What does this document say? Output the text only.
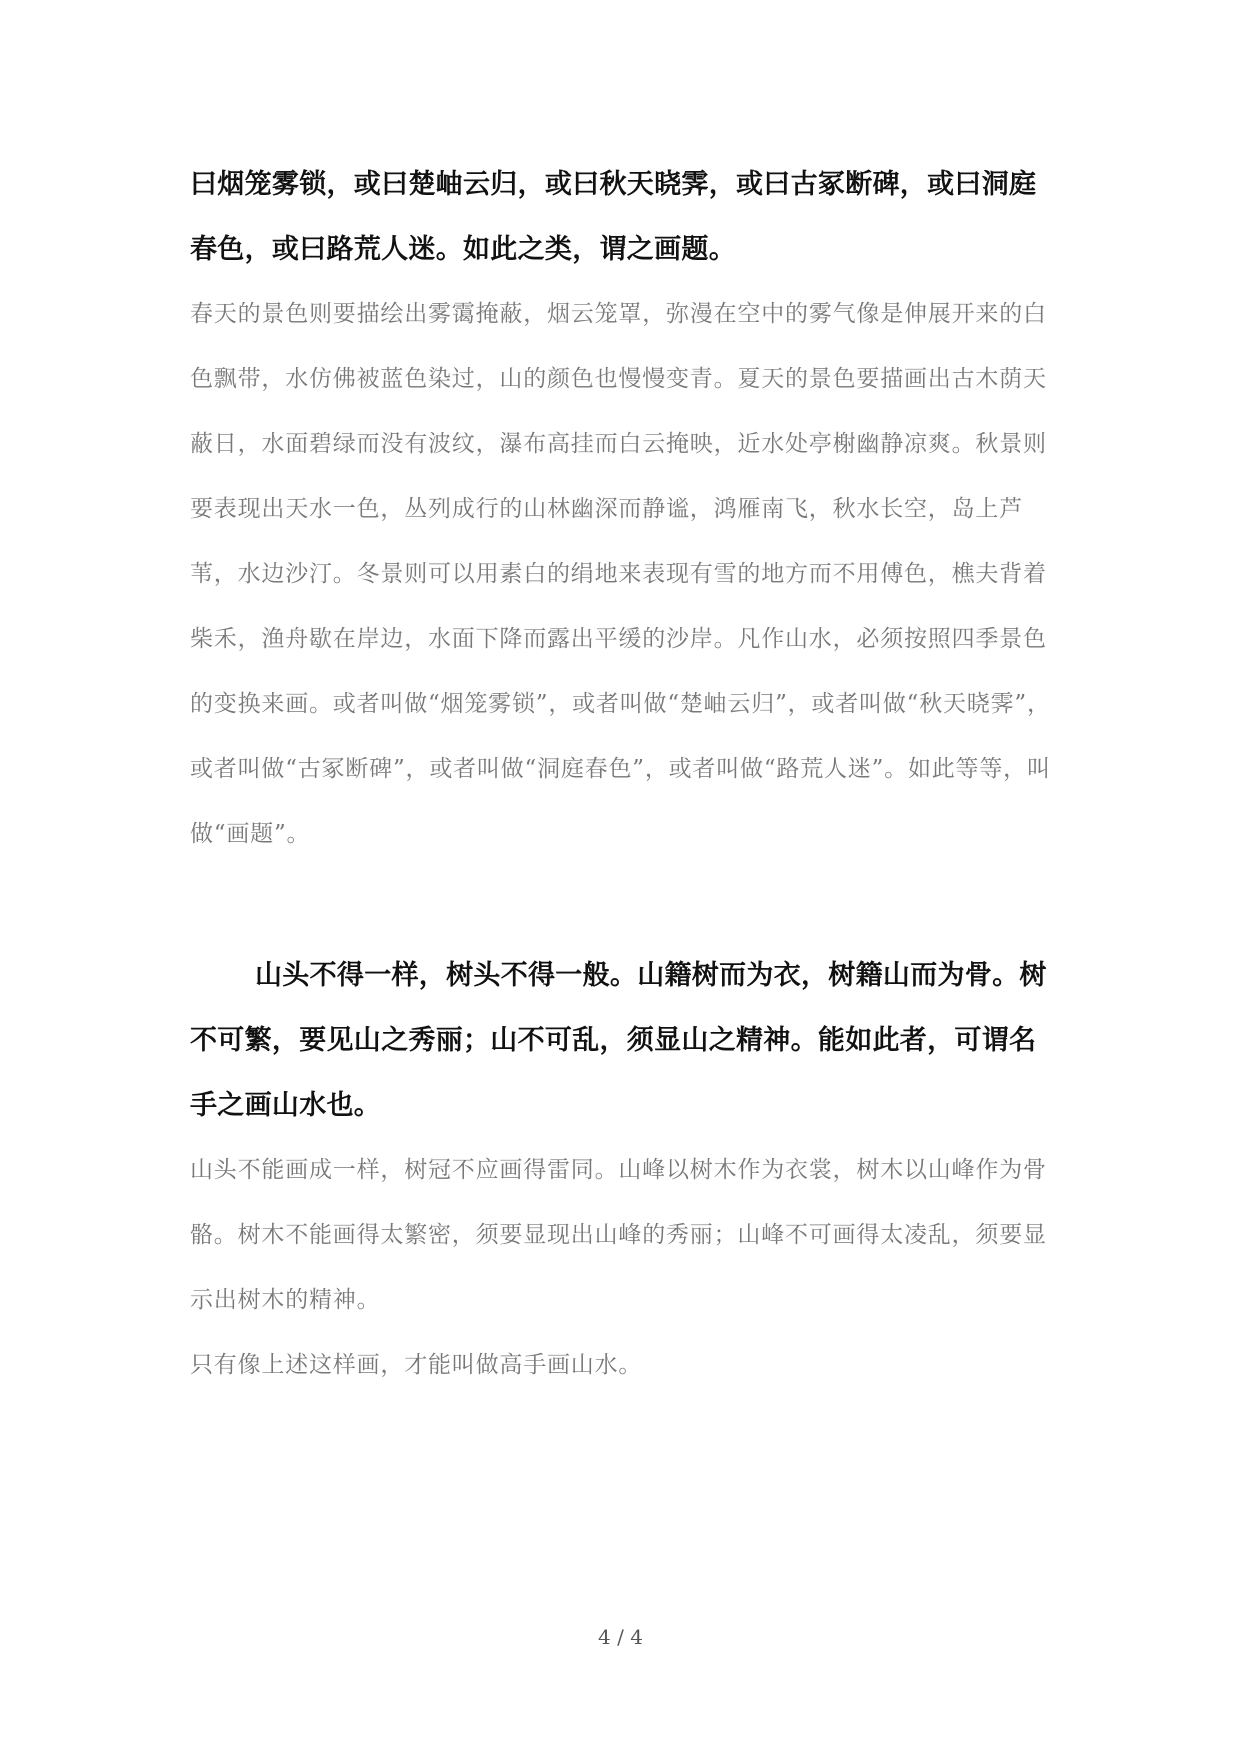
曰烟笼雾锁，或曰楚岫云归，或曰秋天晓霁，或曰古冢断碑，或曰洞庭春色，或曰路荒人迷。如此之类，谓之画题。

春天的景色则要描绘出雾霭掩蔽，烟云笼罩，弥漫在空中的雾气像是伸展开来的白色飘带，水仿佛被蓝色染过，山的颜色也慢慢变青。夏天的景色要描画出古木荫天蔽日，水面碧绿而没有波纹，瀑布高挂而白云掩映，近水处亭榭幽静凉爽。秋景则要表现出天水一色，丛列成行的山林幽深而静谧，鸿雁南飞，秋水长空，岛上芦苇，水边沙汀。冬景则可以用素白的绢地来表现有雪的地方而不用傅色，樵夫背着柴禾，渔舟歇在岸边，水面下降而露出平缓的沙岸。凡作山水，必须按照四季景色的变换来画。或者叫做“烟笼雾锁”，或者叫做“楚岫云归”，或者叫做“秋天晓霁”，或者叫做“古冢断碑”，或者叫做“洞庭春色”，或者叫做“路荒人迷”。如此等等，叫做“画题”。

山头不得一样，树头不得一般。山籍树而为衣，树籍山而为骨。树不可繁，要见山之秀丽；山不可乱，须显山之精神。能如此者，可谓名手之画山水也。

山头不能画成一样，树冠不应画得雷同。山峰以树木作为衣裳，树木以山峰作为骨骼。树木不能画得太繁密，须要显现出山峰的秀丽；山峰不可画得太凌乱，须要显示出树木的精神。

只有像上述这样画，才能叫做高手画山水。

4 / 4
